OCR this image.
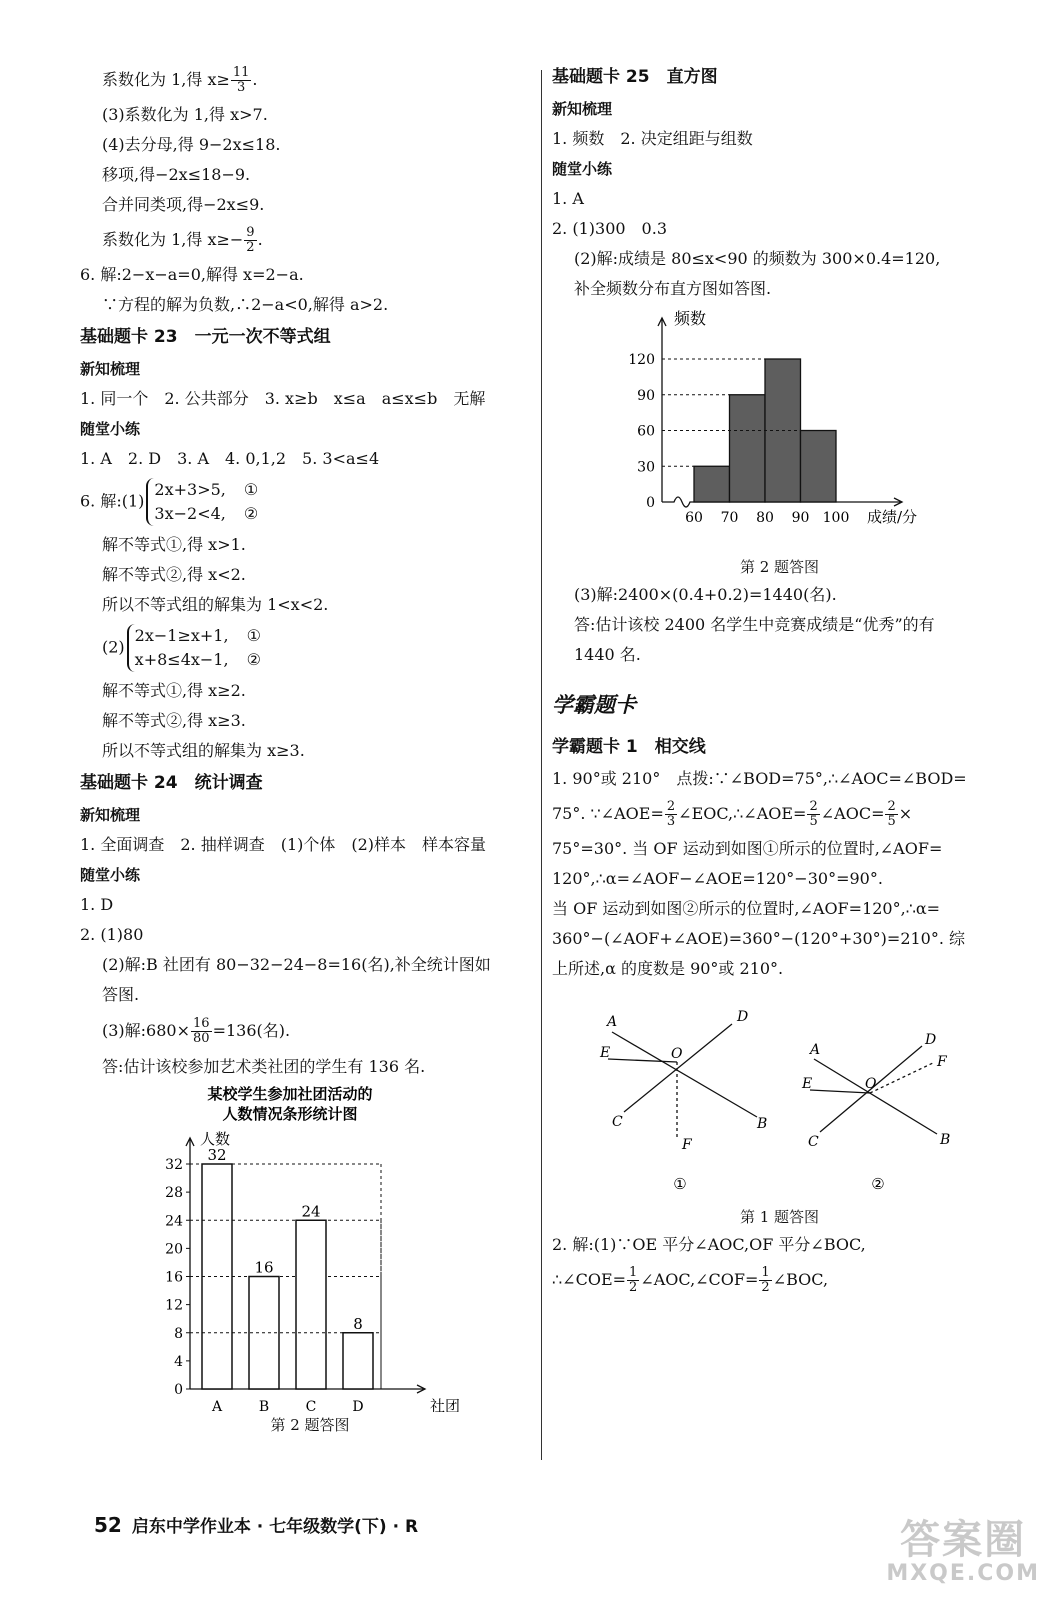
系数化为 1,得 $x\ge \frac{11}{3}$ .
(3)系数化为 1,得 x>7.
(4)去分母,得 9−2x≤18.
移项,得−2x≤18−9.
合并同类项,得−2x≤9.
系数化为 1,得 $x\ge- \frac{9}{2}$ .
6. 解:2−x−a=0,解得 x=2−a.
∵方程的解为负数,∴2−a<0,解得 a>2.
基础题卡 23　一元一次不等式组
新知梳理
1. 同一个　2. 公共部分　3. x≥b　x≤a　a≤x≤b　无解
随堂小练
1. A　2. D　3. A　4. 0,1,2　5. 3<a≤4
6. 解:(1)
2x+3>5, ①
3x−2<4, ②
解不等式①,得 x>1.
解不等式②,得 x<2.
所以不等式组的解集为 1<x<2.
(2)
2x−1≥x+1, ①
x+8≤4x−1, ②
解不等式①,得 x≥2.
解不等式②,得 x≥3.
所以不等式组的解集为 x≥3.
基础题卡 24　统计调查
新知梳理
1. 全面调查　2. 抽样调查　(1)个体　(2)样本　样本容量
随堂小练
1. D
2. (1)80
(2)解:B 社团有 80−32−24−8=16(名),补全统计图如
答图.
(3)解:680× $\frac{16}{80} =136$(名).
答:估计该校参加艺术类社团的学生有 136 名.
某校学生参加社团活动的
人数情况条形统计图
人数
社团
0
4
8
12
16
20
24
28
32
32
A
16
B
24
C
8
D
第 2 题答图
基础题卡 25　直方图
新知梳理
1. 频数　2. 决定组距与组数
随堂小练
1. A
2. (1)300　0.3
(2)解:成绩是 80≤x<90 的频数为 300×0.4=120,
补全频数分布直方图如答图.
频数
成绩/分
0
30
60
90
120
60 70 80 90 100
第 2 题答图
(3)解:2400×(0.4+0.2)=1440(名).
答:估计该校 2400 名学生中竞赛成绩是“优秀”的有
1440 名.
学霸题卡
学霸题卡 1　相交线
1. 90°或 210°　点拨:∵∠BOD=75°,∴∠AOC=∠BOD=
75°. ∵∠AOE= $\frac{2}{3}$ ∠EOC,∴∠AOE= $\frac{2}{5}$ ∠AOC= $\frac{2}{5}$ ×
75°=30°. 当 OF 运动到如图①所示的位置时,∠AOF=
120°,∴α=∠AOF−∠AOE=120°−30°=90°.
当 OF 运动到如图②所示的位置时,∠AOF=120°,∴α=
360°−(∠AOF+∠AOE)=360°−(120°+30°)=210°. 综
上所述,α 的度数是 90°或 210°.
A	D
E	O
C	B
F
①
A
D
F
E	O
C	B
②
第 1 题答图
2. 解:(1)∵OE 平分∠AOC,OF 平分∠BOC,
∴∠COE= $\frac{1}{2}$ ∠AOC,∠COF= $\frac{1}{2}$ ∠BOC,
52 启东中学作业本 · 七年级数学(下) · R	答案圈
MXQE.COM
